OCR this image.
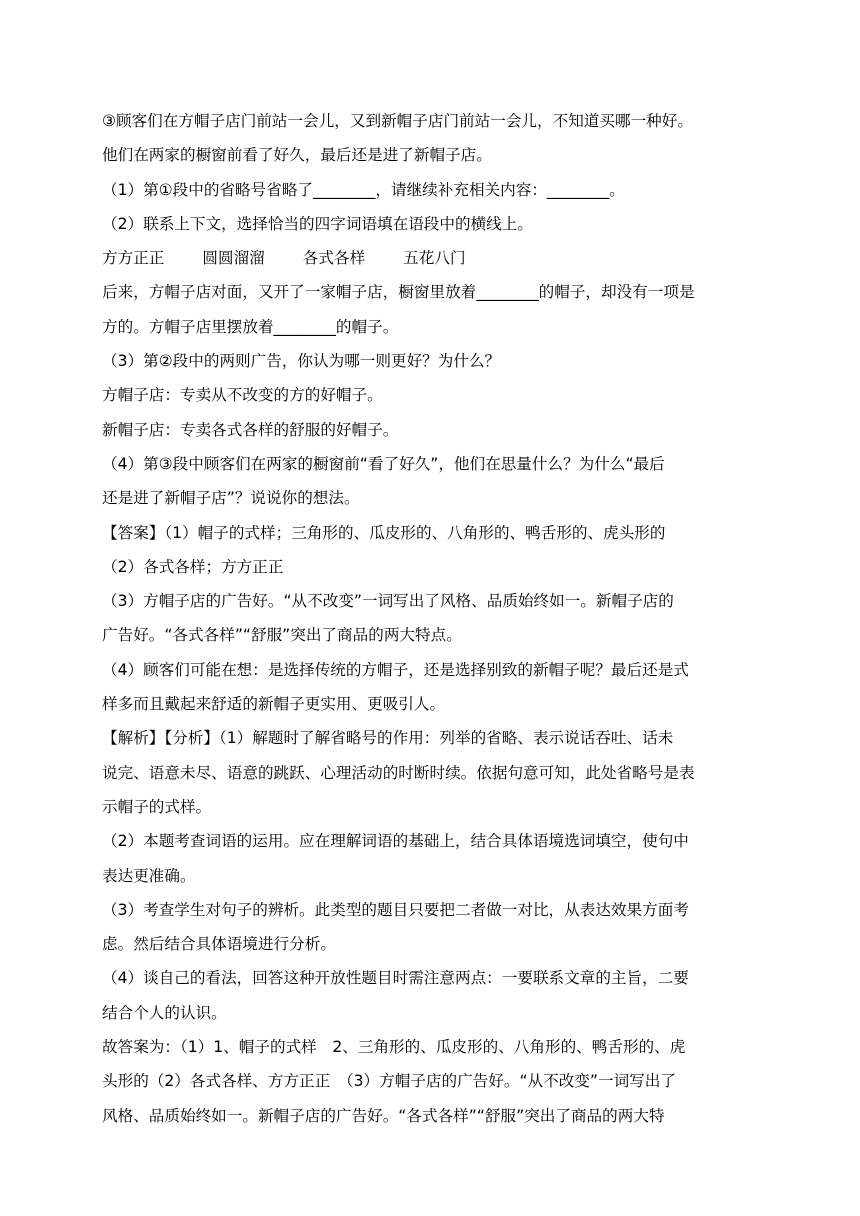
③顾客们在方帽子店门前站一会儿，又到新帽子店门前站一会儿，不知道买哪一种好。
他们在两家的橱窗前看了好久，最后还是进了新帽子店。
（1）第①段中的省略号省略了________，请继续补充相关内容：________。
（2）联系上下文，选择恰当的四字词语填在语段中的横线上。
方方正正 圆圆溜溜 各式各样 五花八门
后来，方帽子店对面，又开了一家帽子店，橱窗里放着________的帽子，却没有一项是
方的。方帽子店里摆放着________的帽子。
（3）第②段中的两则广告，你认为哪一则更好？为什么？
方帽子店：专卖从不改变的方的好帽子。
新帽子店：专卖各式各样的舒服的好帽子。
（4）第③段中顾客们在两家的橱窗前“看了好久”，他们在思量什么？为什么“最后
还是进了新帽子店”？说说你的想法。
【答案】（1）帽子的式样；三角形的、瓜皮形的、八角形的、鸭舌形的、虎头形的
（2）各式各样；方方正正
（3）方帽子店的广告好。“从不改变”一词写出了风格、品质始终如一。新帽子店的
广告好。“各式各样”“舒服”突出了商品的两大特点。
（4）顾客们可能在想：是选择传统的方帽子，还是选择别致的新帽子呢？最后还是式
样多而且戴起来舒适的新帽子更实用、更吸引人。
【解析】【分析】（1）解题时了解省略号的作用：列举的省略、表示说话吞吐、话未
说完、语意未尽、语意的跳跃、心理活动的时断时续。依据句意可知，此处省略号是表
示帽子的式样。
（2）本题考查词语的运用。应在理解词语的基础上，结合具体语境选词填空，使句中
表达更准确。
（3）考查学生对句子的辨析。此类型的题目只要把二者做一对比，从表达效果方面考
虑。然后结合具体语境进行分析。
（4）谈自己的看法，回答这种开放性题目时需注意两点：一要联系文章的主旨，二要
结合个人的认识。
故答案为：（1）1、帽子的式样　2、三角形的、瓜皮形的、八角形的、鸭舌形的、虎
头形的（2）各式各样、方方正正　（3）方帽子店的广告好。“从不改变”一词写出了
风格、品质始终如一。新帽子店的广告好。“各式各样”“舒服”突出了商品的两大特
